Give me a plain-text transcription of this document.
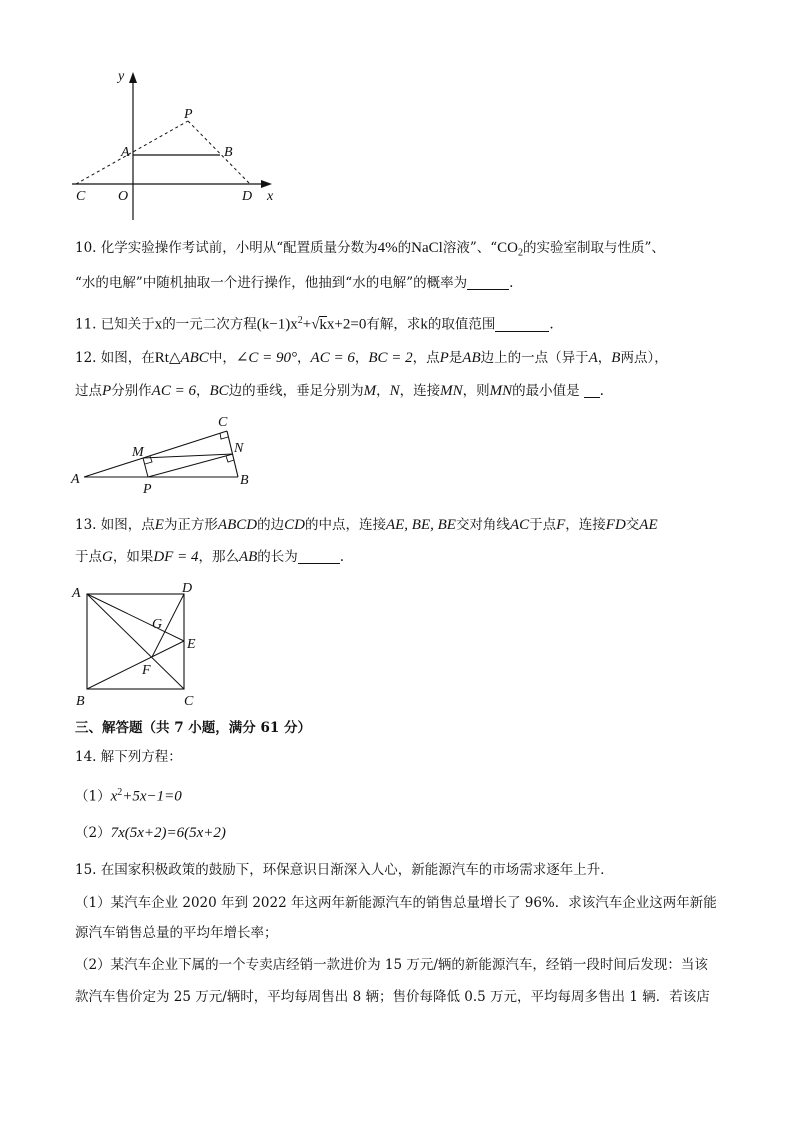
y
x
P
A	B
C O	D
10. 化学实验操作考试前，小明从“配置质量分数为4%的NaCl溶液”、“$CO_2$的实验室制取与性质”、
“水的电解”中随机抽取一个进行操作，他抽到“水的电解”的概率为	.
11. 已知关于x的一元二次方程$(k-1)x^2+√kx+2=0$有解，求k的取值范围	.
12. 如图，在Rt△ABC中，∠C = 90°，AC = 6，BC = 2，点P是AB边上的一点（异于A，B两点），
过点P分别作AC = 6，BC边的垂线，垂足分别为M，N，连接MN，则MN的最小值是 .
C
M	N
A
P
B
13. 如图，点E为正方形ABCD的边CD的中点，连接AE, BE, BE交对角线AC于点F，连接FD交AE
于点G，如果DF = 4，那么AB的长为	.
A	D
G
E
F
B	C
三、解答题（共 7 小题，满分 61 分）
14. 解下列方程：
$(1)x^2+5x-1=0$
（2）7x(5x+2)=6(5x+2)
15. 在国家积极政策的鼓励下，环保意识日渐深入人心，新能源汽车的市场需求逐年上升．
（1）某汽车企业 2020 年到 2022 年这两年新能源汽车的销售总量增长了 96%．求该汽车企业这两年新能
源汽车销售总量的平均年增长率；
（2）某汽车企业下属的一个专卖店经销一款进价为 15 万元/辆的新能源汽车，经销一段时间后发现：当该
款汽车售价定为 25 万元/辆时，平均每周售出 8 辆；售价每降低 0.5 万元，平均每周多售出 1 辆．若该店
